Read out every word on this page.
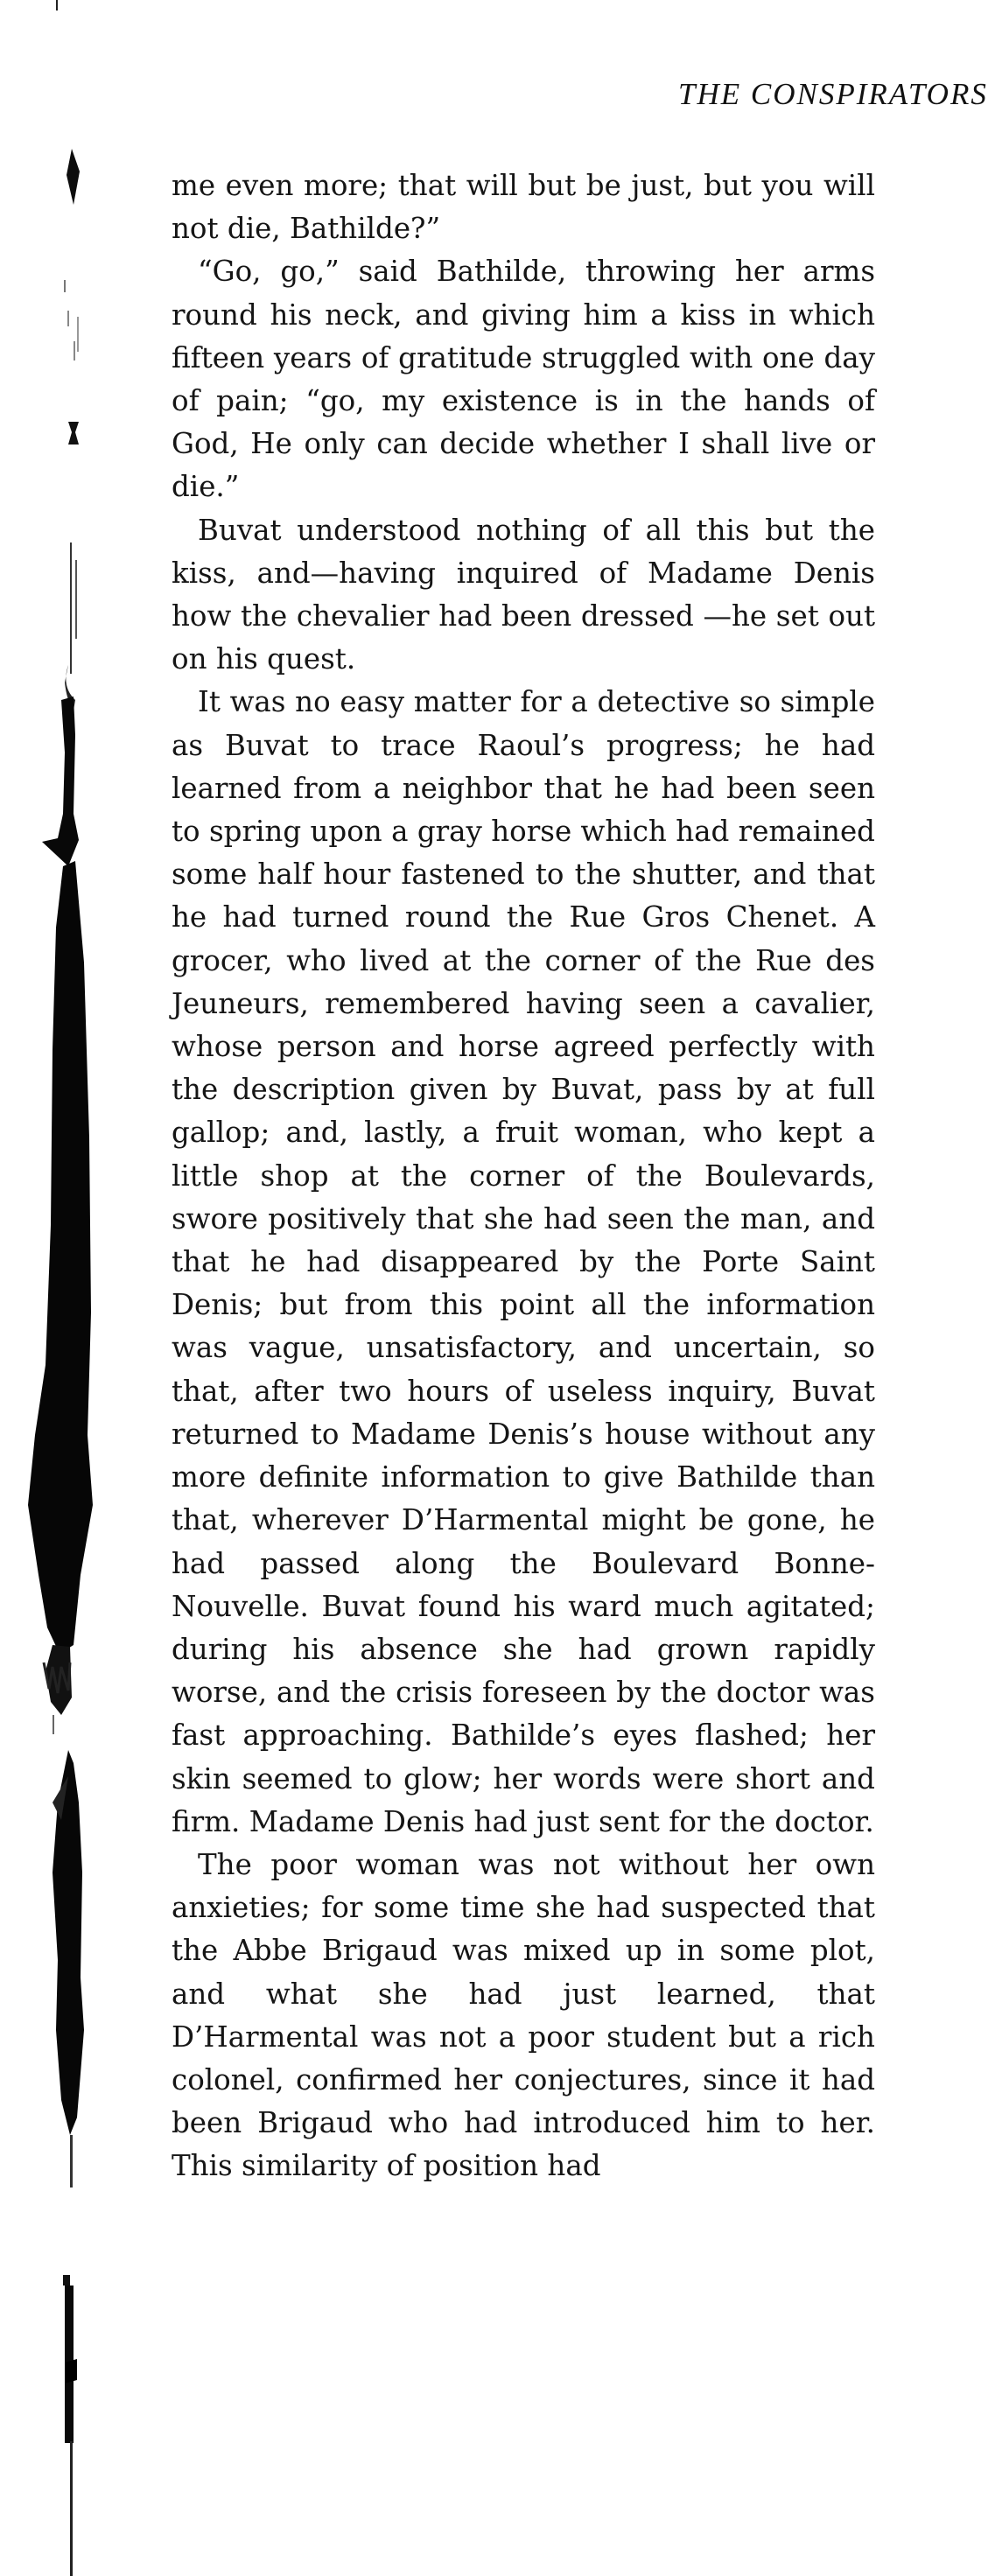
THE CONSPIRATORS

me even more; that will but be just, but you will not die, Bathilde?”

“Go, go,” said Bathilde, throwing her arms round his neck, and giving him a kiss in which fifteen years of gratitude struggled with one day of pain; “go, my existence is in the hands of God, He only can decide whether I shall live or die.”

Buvat understood nothing of all this but the kiss, and—having inquired of Madame Denis how the chevalier had been dressed —he set out on his quest.

It was no easy matter for a detective so simple as Buvat to trace Raoul’s progress; he had learned from a neighbor that he had been seen to spring upon a gray horse which had remained some half hour fastened to the shutter, and that he had turned round the Rue Gros Chenet. A grocer, who lived at the corner of the Rue des Jeuneurs, remembered having seen a cavalier, whose person and horse agreed perfectly with the description given by Buvat, pass by at full gallop; and, lastly, a fruit woman, who kept a little shop at the corner of the Boulevards, swore positively that she had seen the man, and that he had disappeared by the Porte Saint Denis; but from this point all the information was vague, unsatisfactory, and uncertain, so that, after two hours of useless inquiry, Buvat returned to Madame Denis’s house without any more definite information to give Bathilde than that, wherever D’Harmental might be gone, he had passed along the Boulevard Bonne-Nouvelle. Buvat found his ward much agitated; during his absence she had grown rapidly worse, and the crisis foreseen by the doctor was fast approaching. Bathilde’s eyes flashed; her skin seemed to glow; her words were short and firm. Madame Denis had just sent for the doctor.

The poor woman was not without her own anxieties; for some time she had suspected that the Abbe Brigaud was mixed up in some plot, and what she had just learned, that D’Harmental was not a poor student but a rich colonel, confirmed her conjectures, since it had been Brigaud who had introduced him to her. This similarity of position had
